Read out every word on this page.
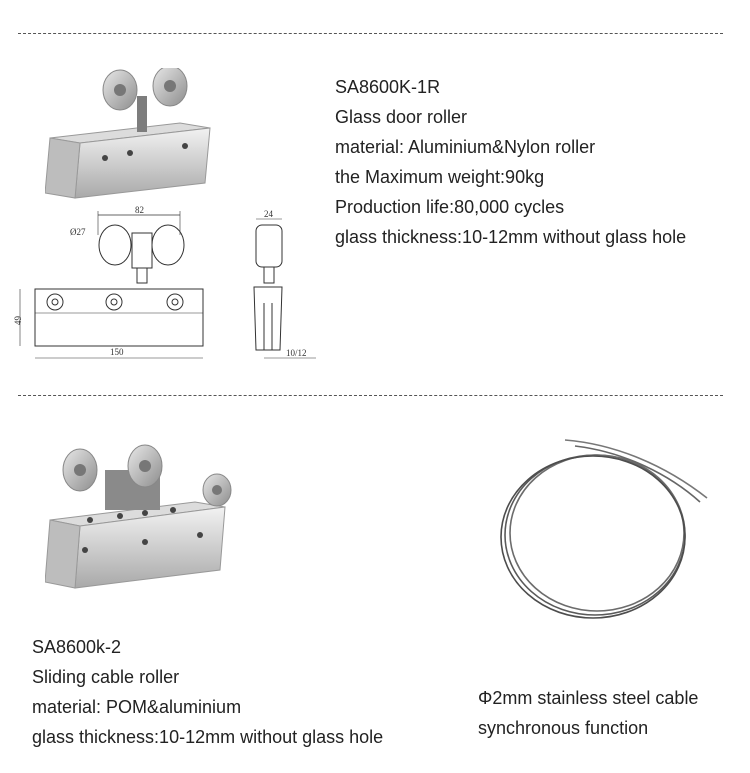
82
Ø27
49
150
24
10/12
SA8600K-1R
Glass door roller
material: Aluminium&Nylon roller
the Maximum weight:90kg
Production life:80,000 cycles
glass thickness:10-12mm without glass hole
SA8600k-2
Sliding cable roller
material: POM&aluminium
glass thickness:10-12mm without glass hole
Φ2mm stainless steel cable
synchronous function
